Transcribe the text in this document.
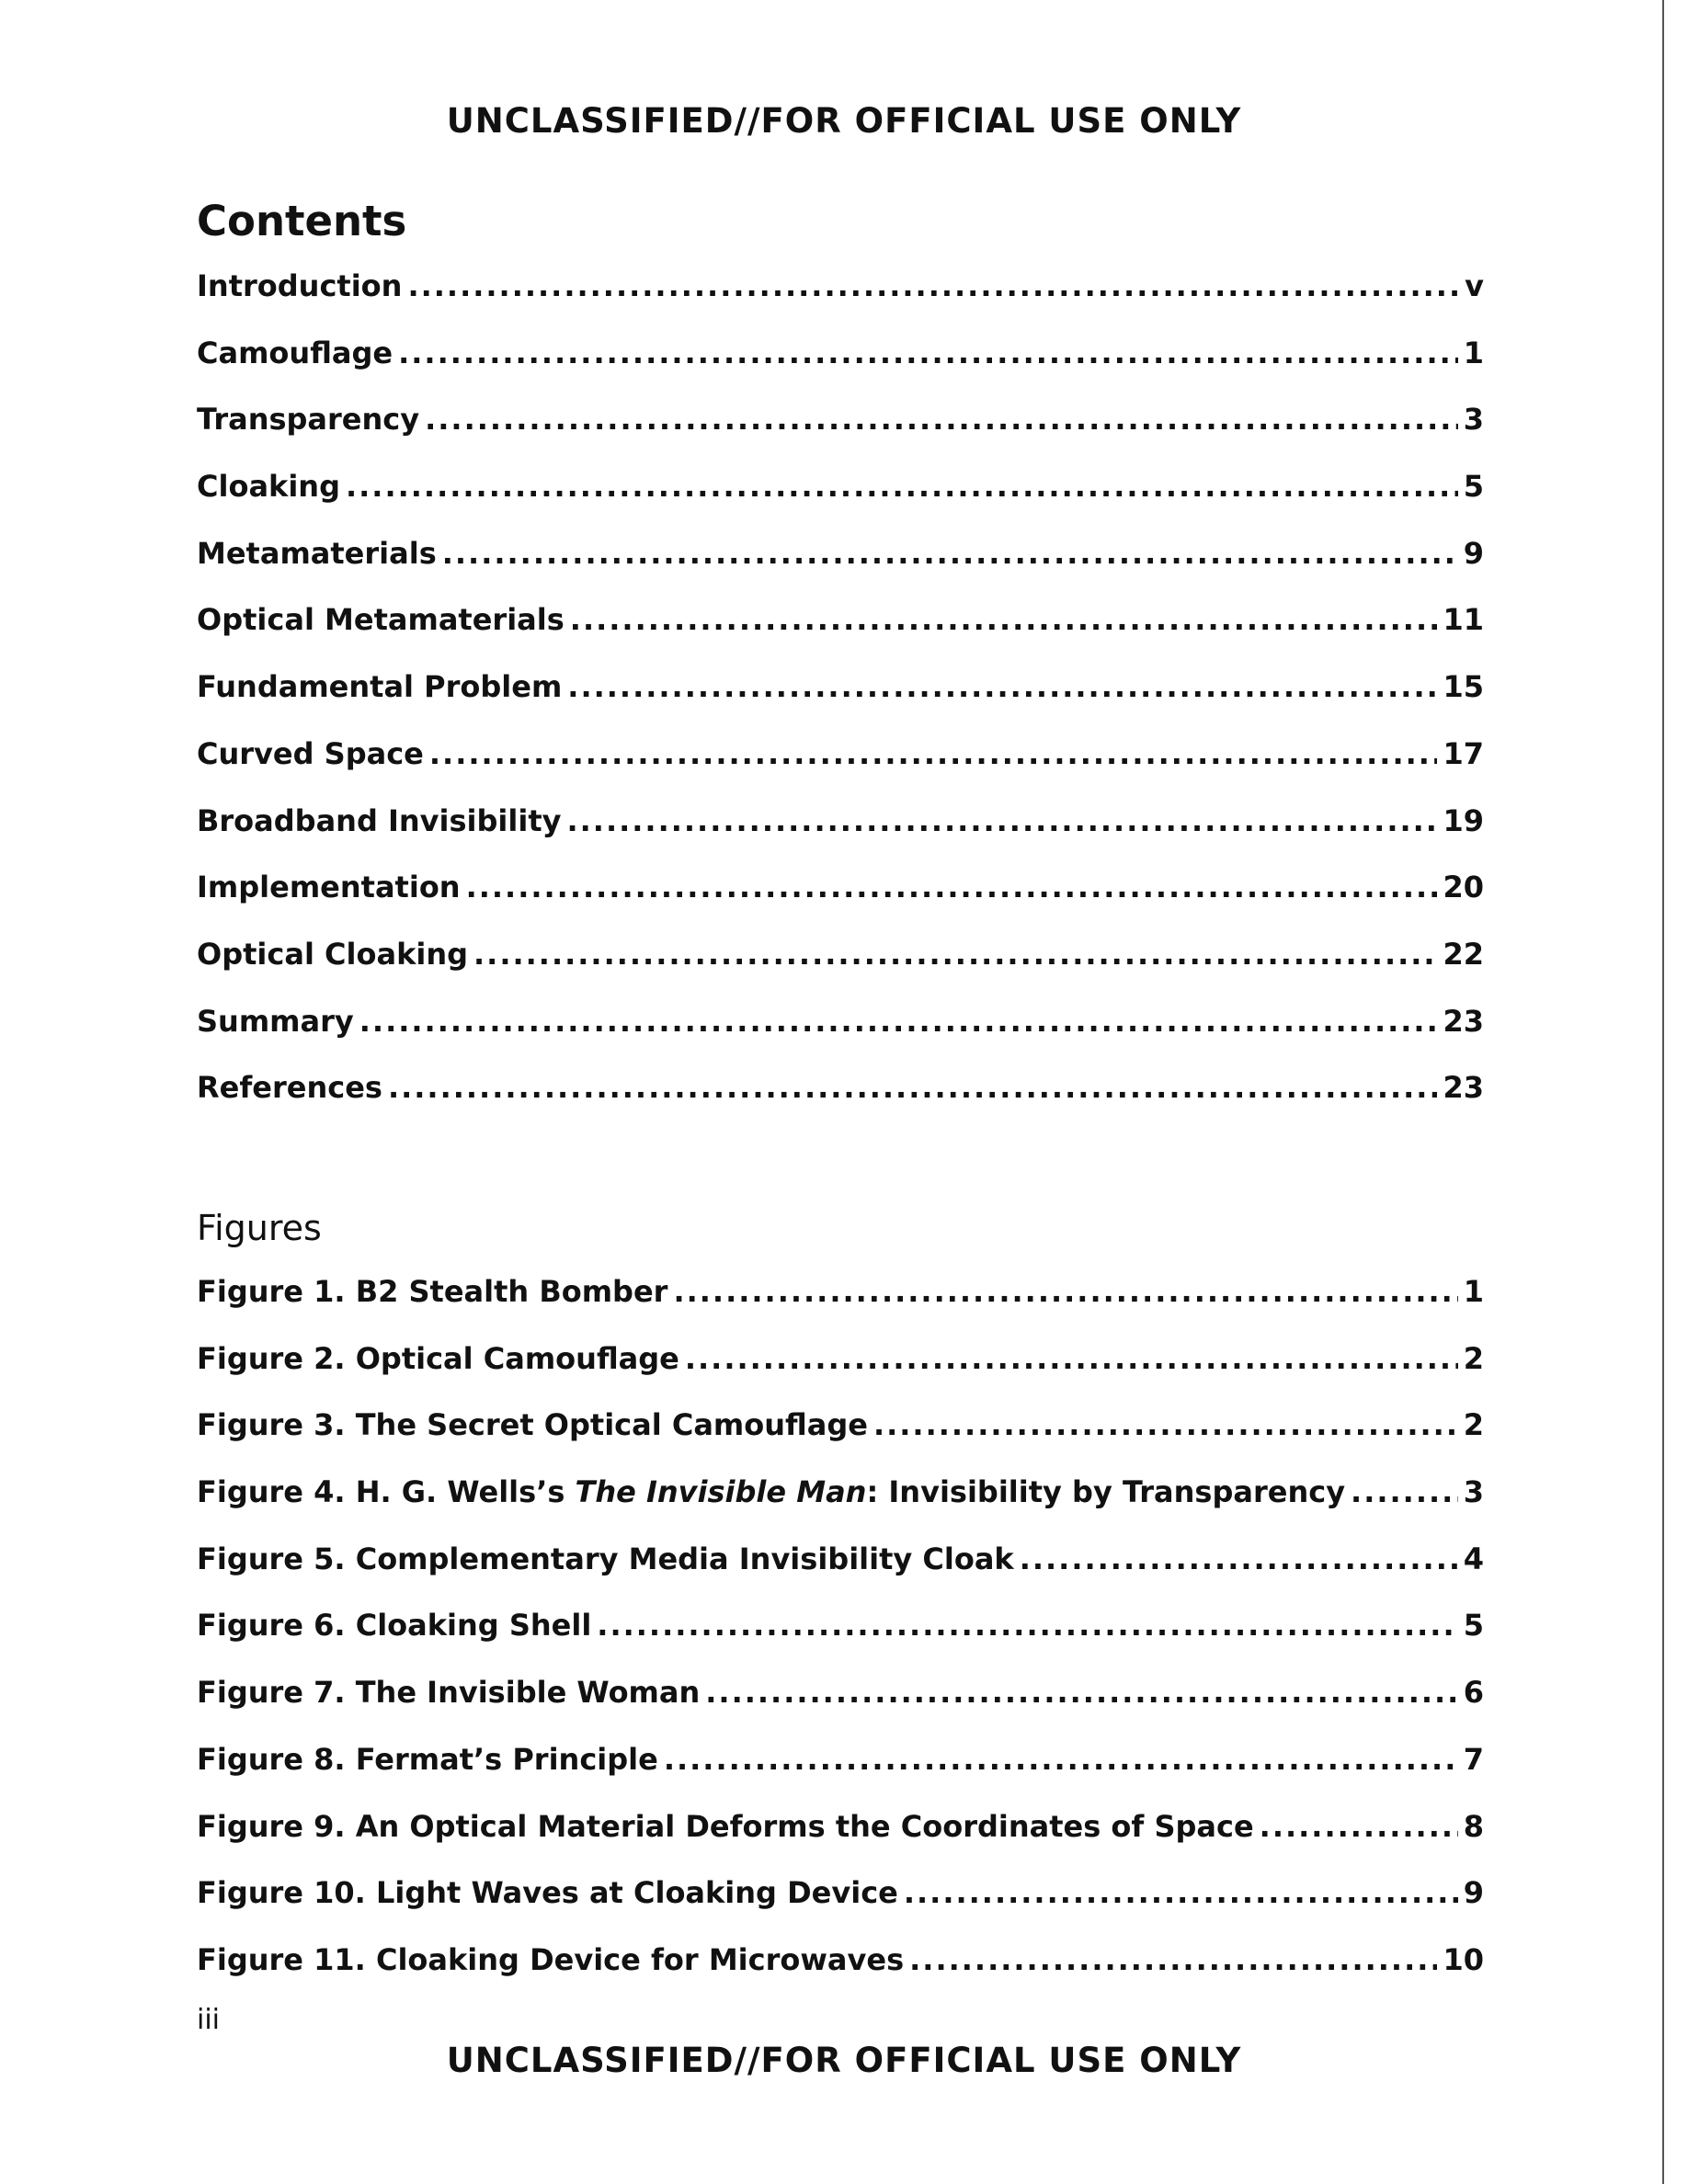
UNCLASSIFIED//FOR OFFICIAL USE ONLY
Contents
Introduction .....	v
Camouflage .....	1
Transparency .....	3
Cloaking .....	5
Metamaterials .....	9
Optical Metamaterials .....	11
Fundamental Problem .....	15
Curved Space .....	17
Broadband Invisibility .....	19
Implementation .....	20
Optical Cloaking .....	22
Summary .....	23
References .....	23
Figures
Figure 1. B2 Stealth Bomber .....	1
Figure 2. Optical Camouflage .....	2
Figure 3. The Secret Optical Camouflage .....	2
Figure 4. H. G. Wells’s The Invisible Man: Invisibility by Transparency .....	3
Figure 5. Complementary Media Invisibility Cloak .....	4
Figure 6. Cloaking Shell .....	5
Figure 7. The Invisible Woman .....	6
Figure 8. Fermat’s Principle .....	7
Figure 9. An Optical Material Deforms the Coordinates of Space .....	8
Figure 10. Light Waves at Cloaking Device .....	9
Figure 11. Cloaking Device for Microwaves .....	10
iii
UNCLASSIFIED//FOR OFFICIAL USE ONLY
